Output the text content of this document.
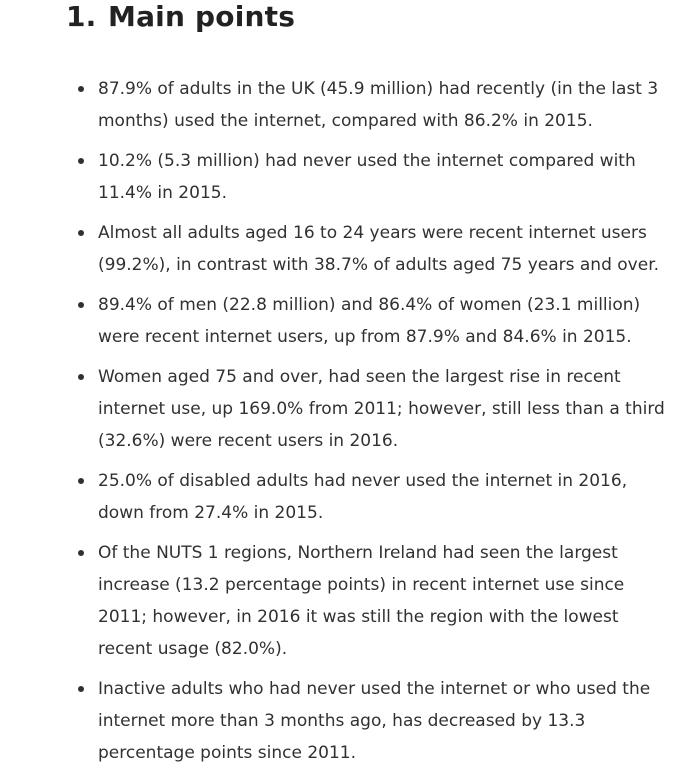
1. Main points
87.9% of adults in the UK (45.9 million) had recently (in the last 3 months) used the internet, compared with 86.2% in 2015.
10.2% (5.3 million) had never used the internet compared with 11.4% in 2015.
Almost all adults aged 16 to 24 years were recent internet users (99.2%), in contrast with 38.7% of adults aged 75 years and over.
89.4% of men (22.8 million) and 86.4% of women (23.1 million) were recent internet users, up from 87.9% and 84.6% in 2015.
Women aged 75 and over, had seen the largest rise in recent internet use, up 169.0% from 2011; however, still less than a third (32.6%) were recent users in 2016.
25.0% of disabled adults had never used the internet in 2016, down from 27.4% in 2015.
Of the NUTS 1 regions, Northern Ireland had seen the largest increase (13.2 percentage points) in recent internet use since 2011; however, in 2016 it was still the region with the lowest recent usage (82.0%).
Inactive adults who had never used the internet or who used the internet more than 3 months ago, has decreased by 13.3 percentage points since 2011.
